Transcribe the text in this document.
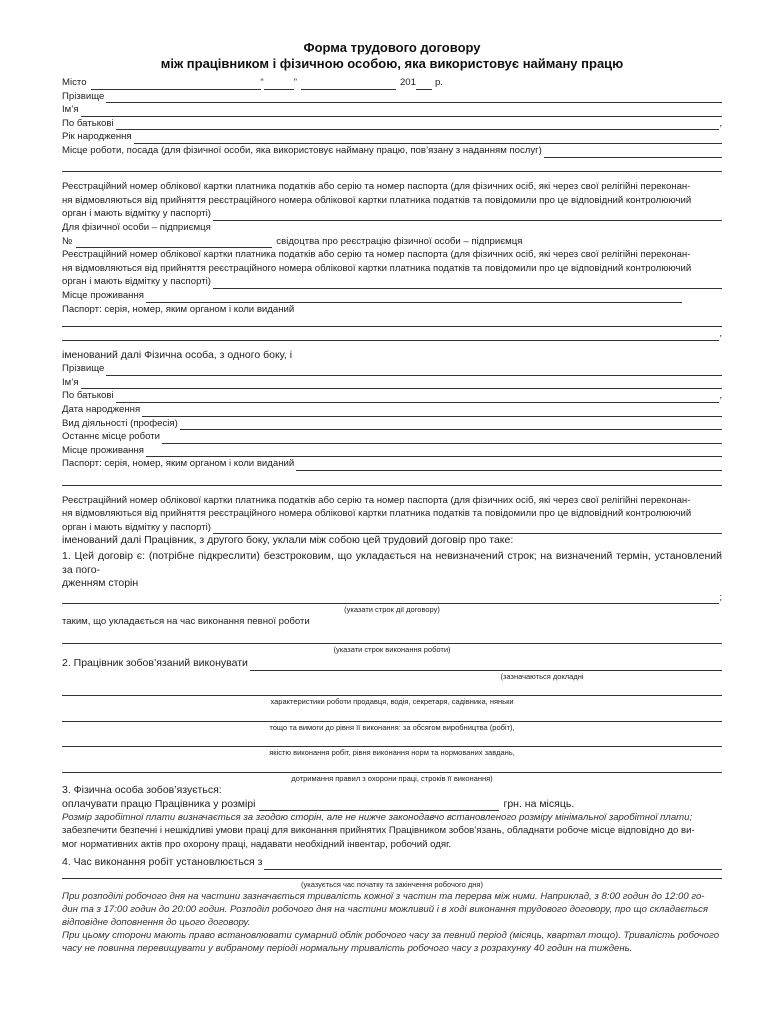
Форма трудового договору
між працівником і фізичною особою, яка використовує найману працю
Місто	“	”	201 р.
Прізвище
Ім’я
По батькові	,
Рік народження
Місце роботи, посада (для фізичної особи, яка використовує найману працю, пов’язану з наданням послуг)
Реєстраційний номер облікової картки платника податків або серію та номер паспорта (для фізичних осіб, які через свої релігійні переконан-
ня відмовляються від прийняття реєстраційного номера облікової картки платника податків та повідомили про це відповідний контролюючий
орган і мають відмітку у паспорті)
Для фізичної особи – підприємця
№	свідоцтва про реєстрацію фізичної особи – підприємця
Реєстраційний номер облікової картки платника податків або серію та номер паспорта (для фізичних осіб, які через свої релігійні переконан-
ня відмовляються від прийняття реєстраційного номера облікової картки платника податків та повідомили про це відповідний контролюючий
орган і мають відмітку у паспорті)
Місце проживання
Паспорт: серія, номер, яким органом і коли виданий
,
іменований далі Фізична особа, з одного боку, і
Прізвище
Ім’я
По батькові	,
Дата народження
Вид діяльності (професія)
Останнє місце роботи
Місце проживання
Паспорт: серія, номер, яким органом і коли виданий
Реєстраційний номер облікової картки платника податків або серію та номер паспорта (для фізичних осіб, які через свої релігійні переконан-
ня відмовляються від прийняття реєстраційного номера облікової картки платника податків та повідомили про це відповідний контролюючий
орган і мають відмітку у паспорті)
іменований далі Працівник, з другого боку, уклали між собою цей трудовий договір про таке:
1. Цей договір є: (потрібне підкреслити) безстроковим, що укладається на невизначений строк; на визначений термін, установлений за пого-
дженням сторін
;
(указати строк дії договору)
таким, що укладається на час виконання певної роботи
(указати строк виконання роботи)
2. Працівник зобов’язаний виконувати
(зазначаються докладні
характеристики роботи продавця, водія, секретаря, садівника, няньки
тощо та вимоги до рівня її виконання: за обсягом виробництва (робіт),
якістю виконання робіт, рівня виконання норм та нормованих завдань,
дотримання правил з охорони праці, строків її виконання)
3. Фізична особа зобов’язується:
оплачувати працю Працівника у розмірі	грн. на місяць.
Розмір заробітної плати визначається за згодою сторін, але не нижче законодавчо встановленого розміру мінімальної заробітної плати;
забезпечити безпечні і нешкідливі умови праці для виконання прийнятих Працівником зобов’язань, обладнати робоче місце відповідно до ви-
мог нормативних актів про охорону праці, надавати необхідний інвентар, робочий одяг.
4. Час виконання робіт установлюється з
(указується час початку та закінчення робочого дня)
При розподілі робочого дня на частини зазначається тривалість кожної з частин та перерва між ними. Наприклад, з 8:00 годин до 12:00 го-
дин та з 17:00 годин до 20:00 годин. Розподіл робочого дня на частини можливий і в ході виконання трудового договору, про що складається
відповідне доповнення до цього договору.
При цьому сторони мають право встановлювати сумарний облік робочого часу за певний період (місяць, квартал тощо). Тривалість робочого
часу не повинна перевищувати у вибраному періоді нормальну тривалість робочого часу з розрахунку 40 годин на тиждень.
